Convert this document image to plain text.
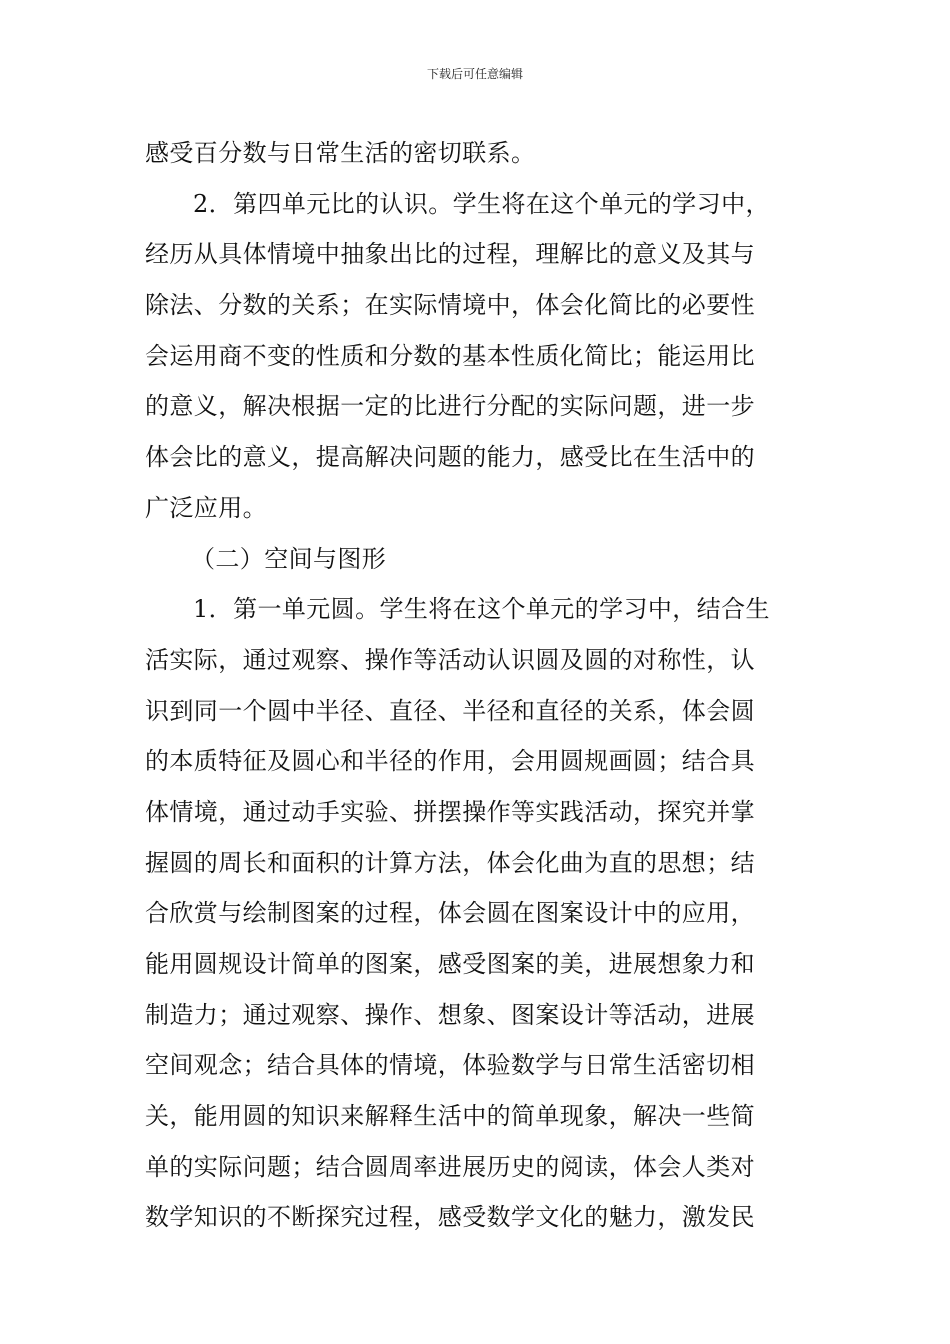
下载后可任意编辑
感受百分数与日常生活的密切联系。
2．第四单元比的认识。学生将在这个单元的学习中，
经历从具体情境中抽象出比的过程，理解比的意义及其与
除法、分数的关系；在实际情境中，体会化简比的必要性
会运用商不变的性质和分数的基本性质化简比；能运用比
的意义，解决根据一定的比进行分配的实际问题，进一步
体会比的意义，提高解决问题的能力，感受比在生活中的
广泛应用。
（二）空间与图形
1．第一单元圆。学生将在这个单元的学习中，结合生
活实际，通过观察、操作等活动认识圆及圆的对称性，认
识到同一个圆中半径、直径、半径和直径的关系，体会圆
的本质特征及圆心和半径的作用，会用圆规画圆；结合具
体情境，通过动手实验、拼摆操作等实践活动，探究并掌
握圆的周长和面积的计算方法，体会化曲为直的思想；结
合欣赏与绘制图案的过程，体会圆在图案设计中的应用，
能用圆规设计简单的图案，感受图案的美，进展想象力和
制造力；通过观察、操作、想象、图案设计等活动，进展
空间观念；结合具体的情境，体验数学与日常生活密切相
关，能用圆的知识来解释生活中的简单现象，解决一些简
单的实际问题；结合圆周率进展历史的阅读，体会人类对
数学知识的不断探究过程，感受数学文化的魅力，激发民
